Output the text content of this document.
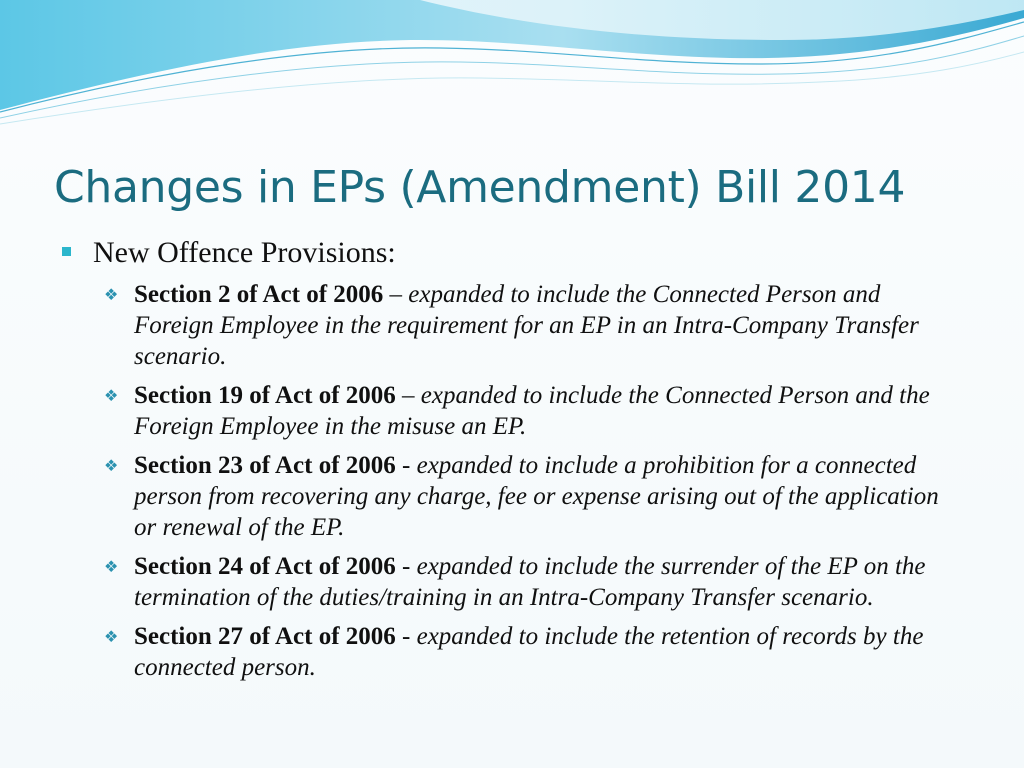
Changes in EPs (Amendment) Bill 2014
New Offence Provisions:
❖ Section 2 of Act of 2006 – expanded to include the Connected Person and Foreign Employee in the requirement for an EP in an Intra-Company Transfer scenario.
❖ Section 19 of Act of 2006 – expanded to include the Connected Person and the Foreign Employee in the misuse an EP.
❖ Section 23 of Act of 2006 - expanded to include a prohibition for a connected person from recovering any charge, fee or expense arising out of the application or renewal of the EP.
❖ Section 24 of Act of 2006 - expanded to include the surrender of the EP on the termination of the duties/training in an Intra-Company Transfer scenario.
❖ Section 27 of Act of 2006 - expanded to include the retention of records by the connected person.
